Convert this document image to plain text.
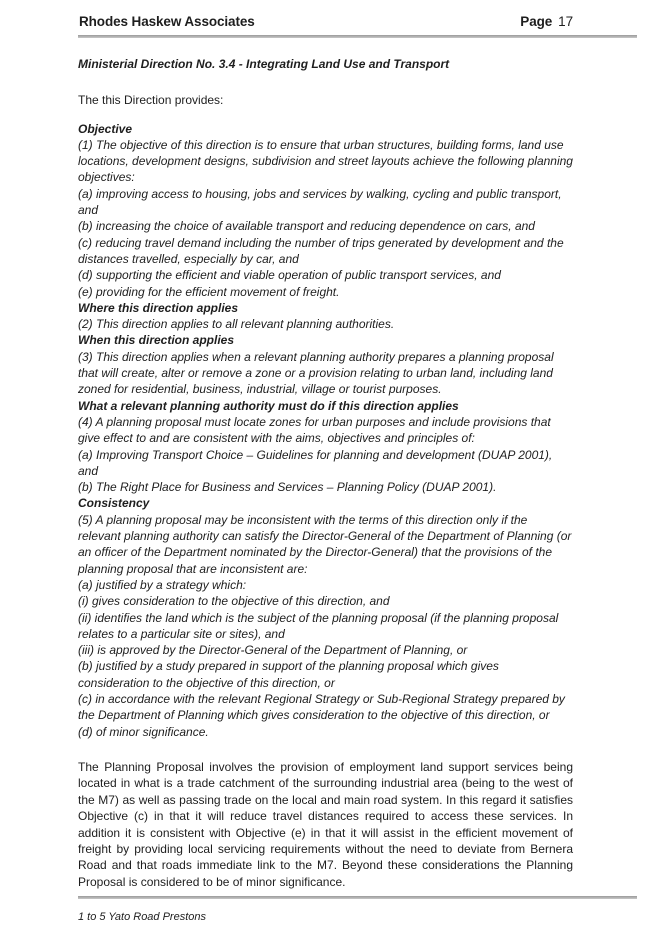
Rhodes Haskew Associates	Page 17

Ministerial Direction No. 3.4 - Integrating Land Use and Transport

The this Direction provides:

Objective

(1) The objective of this direction is to ensure that urban structures, building forms, land use locations, development designs, subdivision and street layouts achieve the following planning objectives:

(a) improving access to housing, jobs and services by walking, cycling and public transport, and

(b) increasing the choice of available transport and reducing dependence on cars, and

(c) reducing travel demand including the number of trips generated by development and the distances travelled, especially by car, and

(d) supporting the efficient and viable operation of public transport services, and

(e) providing for the efficient movement of freight.

Where this direction applies

(2) This direction applies to all relevant planning authorities.

When this direction applies

(3) This direction applies when a relevant planning authority prepares a planning proposal that will create, alter or remove a zone or a provision relating to urban land, including land zoned for residential, business, industrial, village or tourist purposes.

What a relevant planning authority must do if this direction applies

(4) A planning proposal must locate zones for urban purposes and include provisions that give effect to and are consistent with the aims, objectives and principles of:

(a) Improving Transport Choice – Guidelines for planning and development (DUAP 2001), and

(b) The Right Place for Business and Services – Planning Policy (DUAP 2001).

Consistency

(5) A planning proposal may be inconsistent with the terms of this direction only if the relevant planning authority can satisfy the Director-General of the Department of Planning (or an officer of the Department nominated by the Director-General) that the provisions of the planning proposal that are inconsistent are:

(a) justified by a strategy which:

(i) gives consideration to the objective of this direction, and

(ii) identifies the land which is the subject of the planning proposal (if the planning proposal relates to a particular site or sites), and

(iii) is approved by the Director-General of the Department of Planning, or

(b) justified by a study prepared in support of the planning proposal which gives consideration to the objective of this direction, or

(c) in accordance with the relevant Regional Strategy or Sub-Regional Strategy prepared by the Department of Planning which gives consideration to the objective of this direction, or

(d) of minor significance.

The Planning Proposal involves the provision of employment land support services being located in what is a trade catchment of the surrounding industrial area (being to the west of the M7) as well as passing trade on the local and main road system. In this regard it satisfies Objective (c) in that it will reduce travel distances required to access these services. In addition it is consistent with Objective (e) in that it will assist in the efficient movement of freight by providing local servicing requirements without the need to deviate from Bernera Road and that roads immediate link to the M7. Beyond these considerations the Planning Proposal is considered to be of minor significance.

1 to 5 Yato Road Prestons
